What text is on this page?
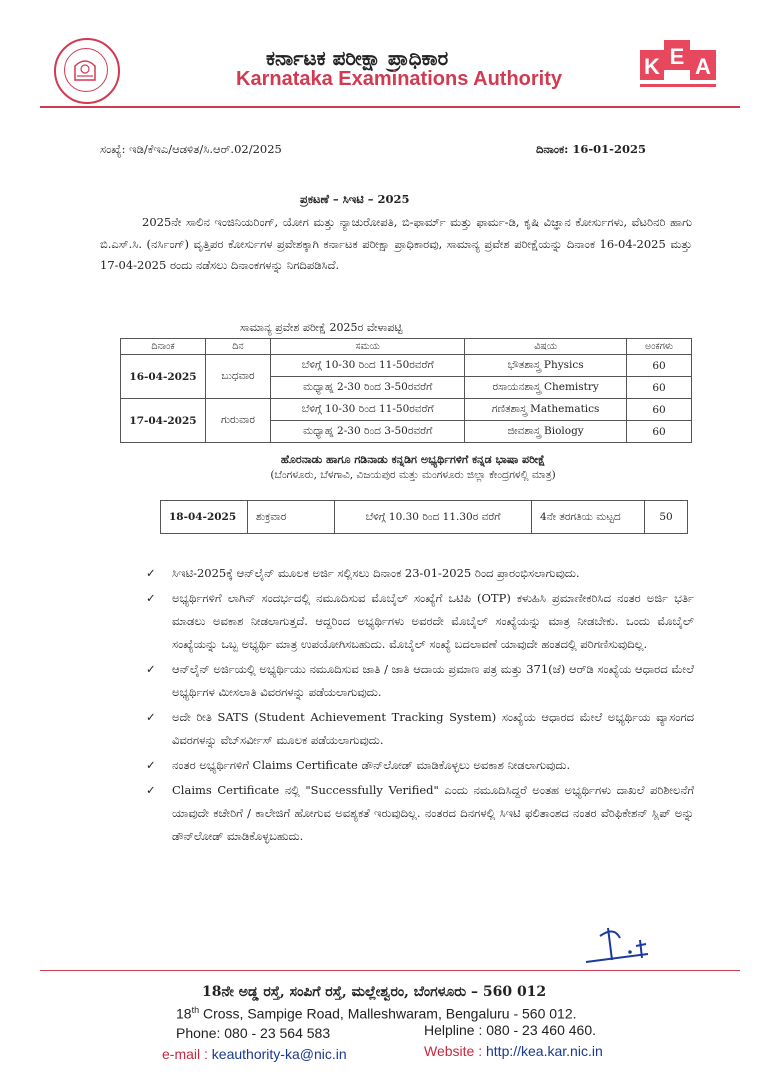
ಕರ್ನಾಟಕ ಪರೀಕ್ಷಾ ಪ್ರಾಧಿಕಾರ
Karnataka Examinations Authority	K E A
ಸಂಖ್ಯೆ: ಇಡಿ/ಕೆಇಎ/ಆಡಳಿತ/ಸಿ.ಆರ್.02/2025	ದಿನಾಂಕ: 16-01-2025
ಪ್ರಕಟಣೆ – ಸಿಇಟಿ – 2025
2025ನೇ ಸಾಲಿನ ಇಂಜಿನಿಯರಿಂಗ್, ಯೋಗ ಮತ್ತು ನ್ಯಾಚುರೋಪತಿ, ಬಿ-ಫಾರ್ಮ್ ಮತ್ತು ಫಾರ್ಮ-ಡಿ, ಕೃಷಿ ವಿಜ್ಞಾನ ಕೋರ್ಸುಗಳು, ವೆಟರಿನರಿ ಹಾಗು ಬಿ.ಎಸ್.ಸಿ. (ನರ್ಸಿಂಗ್) ವೃತ್ತಿಪರ ಕೋರ್ಸುಗಳ ಪ್ರವೇಶಕ್ಕಾಗಿ ಕರ್ನಾಟಕ ಪರೀಕ್ಷಾ ಪ್ರಾಧಿಕಾರವು, ಸಾಮಾನ್ಯ ಪ್ರವೇಶ ಪರೀಕ್ಷೆಯನ್ನು ದಿನಾಂಕ 16-04-2025 ಮತ್ತು 17-04-2025 ರಂದು ನಡೆಸಲು ದಿನಾಂಕಗಳನ್ನು ನಿಗದಿಪಡಿಸಿದೆ.
ಸಾಮಾನ್ಯ ಪ್ರವೇಶ ಪರೀಕ್ಷೆ 2025ರ ವೇಳಾಪಟ್ಟಿ
ದಿನಾಂಕ	ದಿನ	ಸಮಯ	ವಿಷಯ	ಅಂಕಗಳು
16-04-2025	ಬುಧವಾರ	ಬೆಳಿಗ್ಗೆ 10-30 ರಿಂದ 11-50ರವರೆಗೆ	ಭೌತಶಾಸ್ತ್ರ Physics	60
		ಮಧ್ಯಾಹ್ನ 2-30 ರಿಂದ 3-50ರವರೆಗೆ	ರಸಾಯನಶಾಸ್ತ್ರ Chemistry	60
17-04-2025	ಗುರುವಾರ	ಬೆಳಿಗ್ಗೆ 10-30 ರಿಂದ 11-50ರವರೆಗೆ	ಗಣಿತಶಾಸ್ತ್ರ Mathematics	60
		ಮಧ್ಯಾಹ್ನ 2-30 ರಿಂದ 3-50ರವರೆಗೆ	ಜೀವಶಾಸ್ತ್ರ Biology	60
ಹೊರನಾಡು ಹಾಗೂ ಗಡಿನಾಡು ಕನ್ನಡಿಗ ಅಭ್ಯರ್ಥಿಗಳಿಗೆ ಕನ್ನಡ ಭಾಷಾ ಪರೀಕ್ಷೆ
(ಬೆಂಗಳೂರು, ಬೆಳಗಾವಿ, ವಿಜಯಪುರ ಮತ್ತು ಮಂಗಳೂರು ಜಿಲ್ಲಾ ಕೇಂದ್ರಗಳಲ್ಲಿ ಮಾತ್ರ)
18-04-2025	ಶುಕ್ರವಾರ	ಬೆಳಿಗ್ಗೆ 10.30 ರಿಂದ 11.30ರ ವರೆಗೆ	4ನೇ ತರಗತಿಯ ಮಟ್ಟದ	50
✓ ಸಿಇಟಿ-2025ಕ್ಕೆ ಆನ್‌ಲೈನ್ ಮೂಲಕ ಅರ್ಜಿ ಸಲ್ಲಿಸಲು ದಿನಾಂಕ 23-01-2025 ರಿಂದ ಪ್ರಾರಂಭಿಸಲಾಗುವುದು.
✓ ಅಭ್ಯರ್ಥಿಗಳಿಗೆ ಲಾಗಿನ್ ಸಂದರ್ಭದಲ್ಲಿ ನಮೂದಿಸುವ ಮೊಬೈಲ್ ಸಂಖ್ಯೆಗೆ ಒಟಿಪಿ (OTP) ಕಳುಹಿಸಿ ಪ್ರಮಾಣೀಕರಿಸಿದ ನಂತರ ಅರ್ಜಿ ಭರ್ತಿ ಮಾಡಲು ಅವಕಾಶ ನೀಡಲಾಗುತ್ತದೆ. ಆದ್ದರಿಂದ ಅಭ್ಯರ್ಥಿಗಳು ಅವರದೇ ಮೊಬೈಲ್ ಸಂಖ್ಯೆಯನ್ನು ಮಾತ್ರ ನೀಡಬೇಕು. ಒಂದು ಮೊಬೈಲ್ ಸಂಖ್ಯೆಯನ್ನು ಒಬ್ಬ ಅಭ್ಯರ್ಥಿ ಮಾತ್ರ ಉಪಯೋಗಿಸಬಹುದು. ಮೊಬೈಲ್ ಸಂಖ್ಯೆ ಬದಲಾವಣೆ ಯಾವುದೇ ಹಂತದಲ್ಲಿ ಪರಿಗಣಿಸುವುದಿಲ್ಲ.
✓ ಆನ್‌ಲೈನ್ ಅರ್ಜಿಯಲ್ಲಿ ಅಭ್ಯರ್ಥಿಯು ನಮೂದಿಸುವ ಜಾತಿ / ಜಾತಿ ಆದಾಯ ಪ್ರಮಾಣ ಪತ್ರ ಮತ್ತು 371(ಜೆ) ಆರ್‌ಡಿ ಸಂಖ್ಯೆಯ ಆಧಾರದ ಮೇಲೆ ಅಭ್ಯರ್ಥಿಗಳ ಮೀಸಲಾತಿ ವಿವರಗಳನ್ನು ಪಡೆಯಲಾಗುವುದು.
✓ ಅದೇ ರೀತಿ SATS (Student Achievement Tracking System) ಸಂಖ್ಯೆಯ ಆಧಾರದ ಮೇಲೆ ಅಭ್ಯರ್ಥಿಯ ವ್ಯಾಸಂಗದ ವಿವರಗಳನ್ನು ವೆಬ್‌ಸರ್ವೀಸ್ ಮೂಲಕ ಪಡೆಯಲಾಗುವುದು.
✓ ನಂತರ ಅಭ್ಯರ್ಥಿಗಳಿಗೆ Claims Certificate ಡೌನ್‌ಲೋಡ್ ಮಾಡಿಕೊಳ್ಳಲು ಅವಕಾಶ ನೀಡಲಾಗುವುದು.
✓ Claims Certificate ನಲ್ಲಿ "Successfully Verified" ಎಂದು ನಮೂದಿಸಿದ್ದರೆ ಅಂತಹ ಅಭ್ಯರ್ಥಿಗಳು ದಾಖಲೆ ಪರಿಶೀಲನೆಗೆ ಯಾವುದೇ ಕಚೇರಿಗೆ / ಕಾಲೇಜಿಗೆ ಹೋಗುವ ಅವಶ್ಯಕತೆ ಇರುವುದಿಲ್ಲ. ನಂತರದ ದಿನಗಳಲ್ಲಿ ಸಿಇಟಿ ಫಲಿತಾಂಶದ ನಂತರ ವೆರಿಫಿಕೇಶನ್ ಸ್ಲಿಪ್ ಅನ್ನು ಡೌನ್‌ಲೋಡ್ ಮಾಡಿಕೊಳ್ಳಬಹುದು.
18ನೇ ಅಡ್ಡ ರಸ್ತೆ, ಸಂಪಿಗೆ ರಸ್ತೆ, ಮಲ್ಲೇಶ್ವರಂ, ಬೆಂಗಳೂರು – 560 012
18th Cross, Sampige Road, Malleshwaram, Bengaluru - 560 012.
Phone: 080 - 23 564 583	Helpline : 080 - 23 460 460.
e-mail : keauthority-ka@nic.in	Website : http://kea.kar.nic.in
